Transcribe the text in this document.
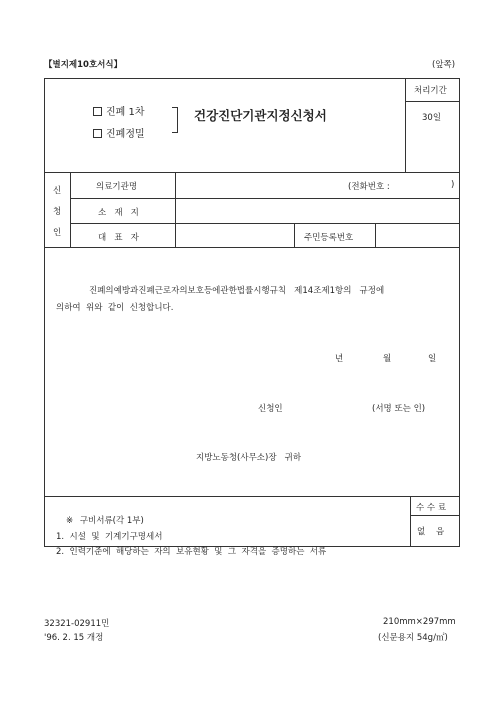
【별지제10호서식】	(앞쪽)
진폐 1차
진폐정밀
건강진단기관지정신청서
처리기간
30일
신
청
인
의료기관명	(전화번호 :	)
소   재   지
대   표   자	주민등록번호
진폐의예방과진폐근로자의보호등에관한법률시행규칙   제14조제1항의   규정에
의하여  위와  같이  신청합니다.
년	월	일
신청인	(서명 또는 인)
지방노동청(사무소)장   귀하
※ 구비서류(각 1부)
1.  시설  및  기계기구명세서
2.  인력기준에  해당하는  자의  보유현황  및  그  자격을  증명하는  서류
수 수 료
없    음
32321-02911민
'96. 2. 15 개정
210mm×297mm
(신문용지 54g/㎡)
